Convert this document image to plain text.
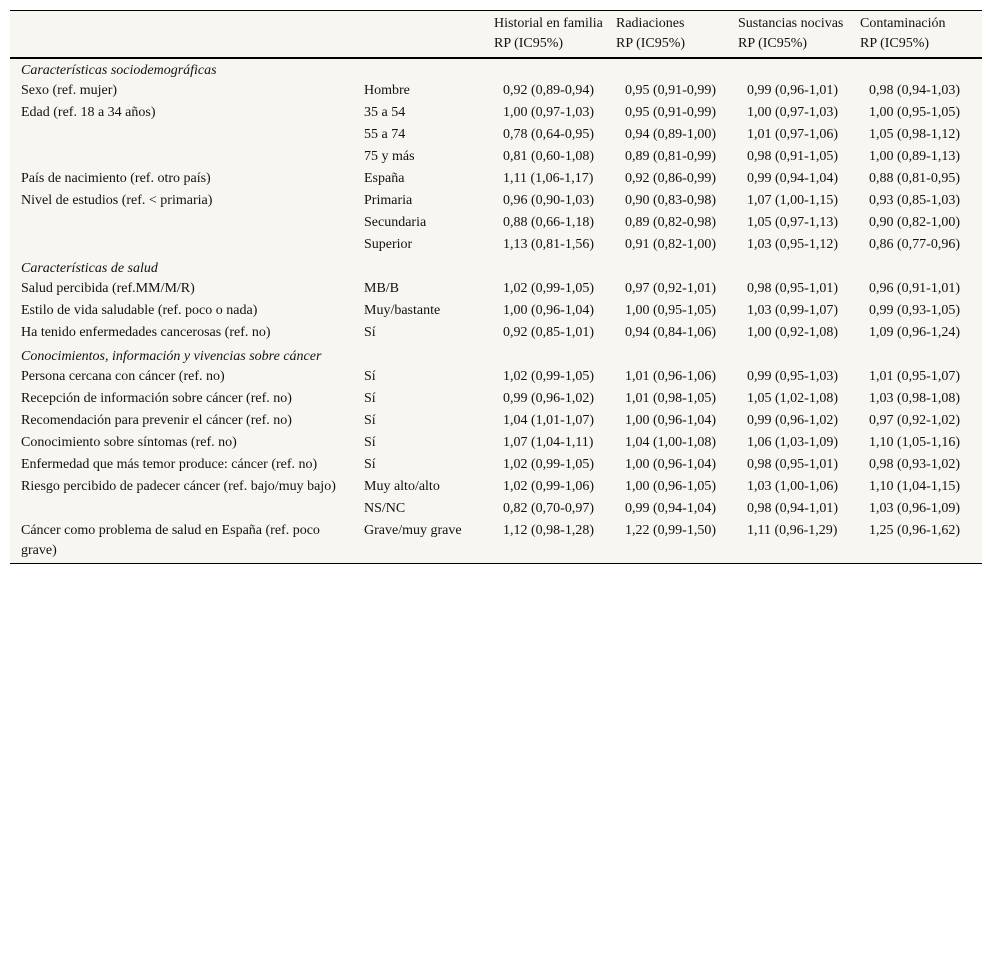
		Historial en familia	Radiaciones	Sustancias nocivas	Contaminación
		RP (IC95%)	RP (IC95%)	RP (IC95%)	RP (IC95%)
Características sociodemográficas					
Sexo (ref. mujer)	Hombre	0,92 (0,89-0,94)	0,95 (0,91-0,99)	0,99 (0,96-1,01)	0,98 (0,94-1,03)
Edad (ref. 18 a 34 años)	35 a 54	1,00 (0,97-1,03)	0,95 (0,91-0,99)	1,00 (0,97-1,03)	1,00 (0,95-1,05)
	55 a 74	0,78 (0,64-0,95)	0,94 (0,89-1,00)	1,01 (0,97-1,06)	1,05 (0,98-1,12)
	75 y más	0,81 (0,60-1,08)	0,89 (0,81-0,99)	0,98 (0,91-1,05)	1,00 (0,89-1,13)
País de nacimiento (ref. otro país)	España	1,11 (1,06-1,17)	0,92 (0,86-0,99)	0,99 (0,94-1,04)	0,88 (0,81-0,95)
Nivel de estudios (ref. < primaria)	Primaria	0,96 (0,90-1,03)	0,90 (0,83-0,98)	1,07 (1,00-1,15)	0,93 (0,85-1,03)
	Secundaria	0,88 (0,66-1,18)	0,89 (0,82-0,98)	1,05 (0,97-1,13)	0,90 (0,82-1,00)
	Superior	1,13 (0,81-1,56)	0,91 (0,82-1,00)	1,03 (0,95-1,12)	0,86 (0,77-0,96)
Características de salud					
Salud percibida (ref.MM/M/R)	MB/B	1,02 (0,99-1,05)	0,97 (0,92-1,01)	0,98 (0,95-1,01)	0,96 (0,91-1,01)
Estilo de vida saludable (ref. poco o nada)	Muy/bastante	1,00 (0,96-1,04)	1,00 (0,95-1,05)	1,03 (0,99-1,07)	0,99 (0,93-1,05)
Ha tenido enfermedades cancerosas (ref. no)	Sí	0,92 (0,85-1,01)	0,94 (0,84-1,06)	1,00 (0,92-1,08)	1,09 (0,96-1,24)
Conocimientos, información y vivencias sobre cáncer					
Persona cercana con cáncer (ref. no)	Sí	1,02 (0,99-1,05)	1,01 (0,96-1,06)	0,99 (0,95-1,03)	1,01 (0,95-1,07)
Recepción de información sobre cáncer (ref. no)	Sí	0,99 (0,96-1,02)	1,01 (0,98-1,05)	1,05 (1,02-1,08)	1,03 (0,98-1,08)
Recomendación para prevenir el cáncer (ref. no)	Sí	1,04 (1,01-1,07)	1,00 (0,96-1,04)	0,99 (0,96-1,02)	0,97 (0,92-1,02)
Conocimiento sobre síntomas (ref. no)	Sí	1,07 (1,04-1,11)	1,04 (1,00-1,08)	1,06 (1,03-1,09)	1,10 (1,05-1,16)
Enfermedad que más temor produce: cáncer (ref. no)	Sí	1,02 (0,99-1,05)	1,00 (0,96-1,04)	0,98 (0,95-1,01)	0,98 (0,93-1,02)
Riesgo percibido de padecer cáncer (ref. bajo/muy bajo)	Muy alto/alto	1,02 (0,99-1,06)	1,00 (0,96-1,05)	1,03 (1,00-1,06)	1,10 (1,04-1,15)
	NS/NC	0,82 (0,70-0,97)	0,99 (0,94-1,04)	0,98 (0,94-1,01)	1,03 (0,96-1,09)
Cáncer como problema de salud en España (ref. poco grave)	Grave/muy grave	1,12 (0,98-1,28)	1,22 (0,99-1,50)	1,11 (0,96-1,29)	1,25 (0,96-1,62)
